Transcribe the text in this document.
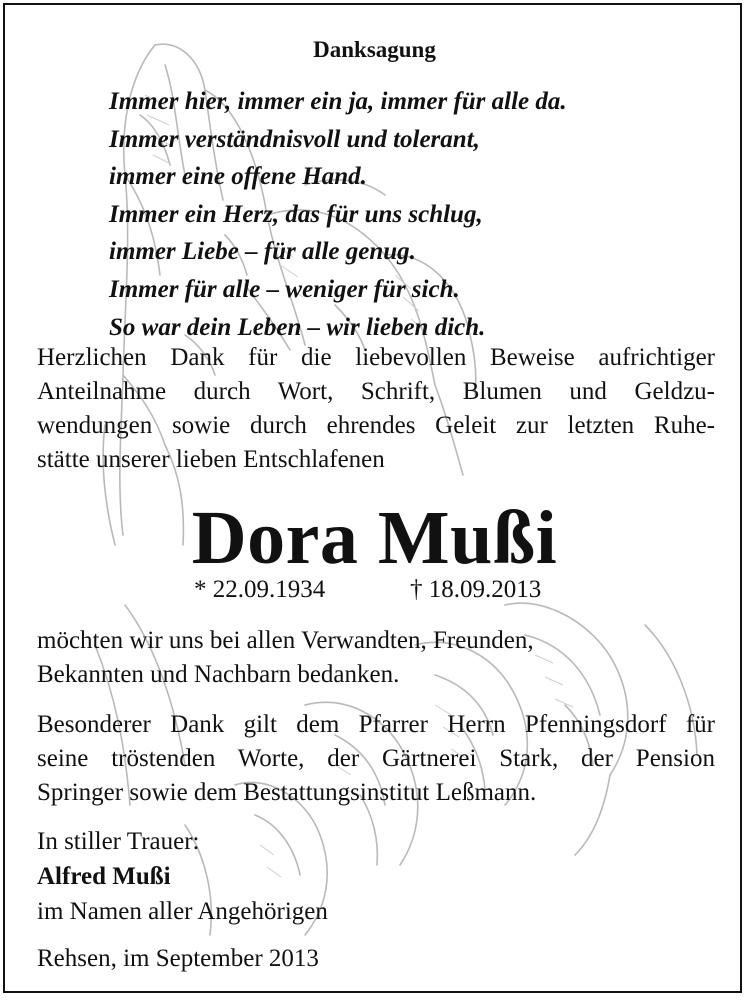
Danksagung
Immer hier, immer ein ja, immer für alle da.
Immer verständnisvoll und tolerant,
immer eine offene Hand.
Immer ein Herz, das für uns schlug,
immer Liebe – für alle genug.
Immer für alle – weniger für sich.
So war dein Leben – wir lieben dich.

Herzlichen Dank für die liebevollen Beweise aufrichtiger
Anteilnahme durch Wort, Schrift, Blumen und Geldzu-
wendungen sowie durch ehrendes Geleit zur letzten Ruhe-
stätte unserer lieben Entschlafenen

Dora Mußi
* 22.09.1934	† 18.09.2013

möchten wir uns bei allen Verwandten, Freunden,
Bekannten und Nachbarn bedanken.

Besonderer Dank gilt dem Pfarrer Herrn Pfenningsdorf für
seine tröstenden Worte, der Gärtnerei Stark, der Pension
Springer sowie dem Bestattungsinstitut Leßmann.

In stiller Trauer:
Alfred Mußi
im Namen aller Angehörigen
Rehsen, im September 2013
